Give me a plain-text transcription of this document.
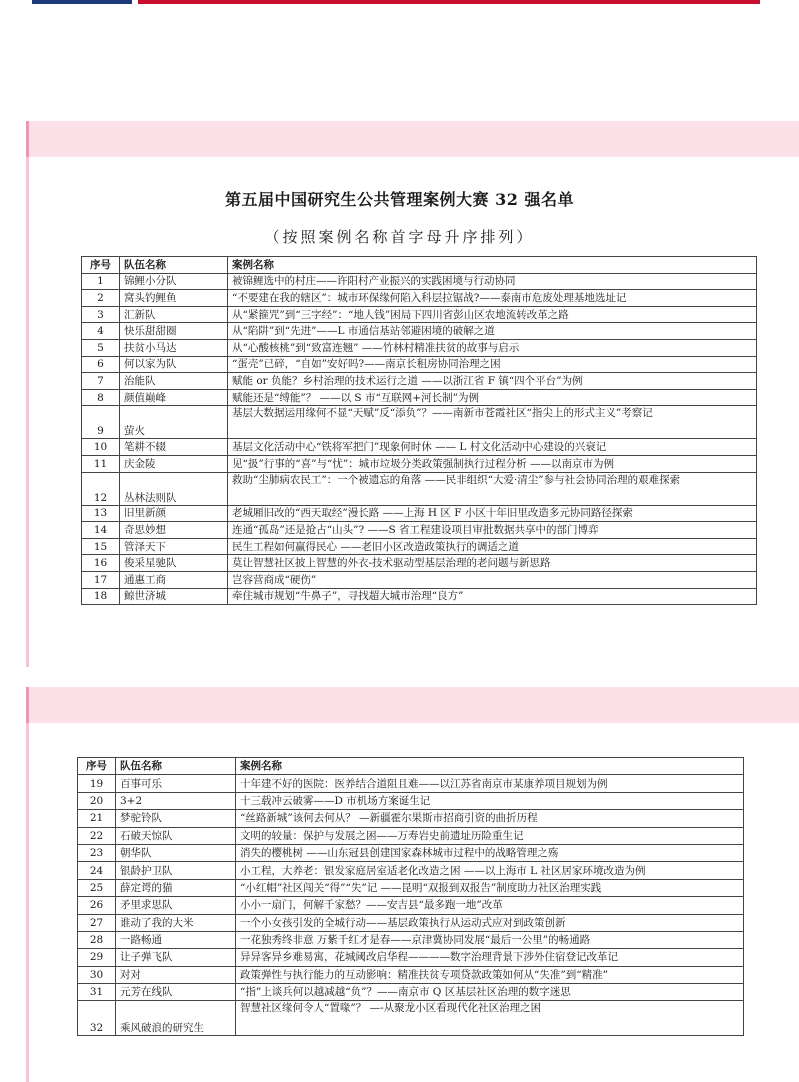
第五届中国研究生公共管理案例大赛 32 强名单
（按照案例名称首字母升序排列）
序号	队伍名称	案例名称
1	锦鲤小分队	被锦鲤选中的村庄——许阳村产业振兴的实践困境与行动协同
2	窝头钓鲤鱼	“不要建在我的辖区”：城市环保缘何陷入科层拉锯战?——泰南市危废处理基地选址记
3	汇新队	从“紧箍咒”到“三字经”：“地人钱”困局下四川省彭山区农地流转改革之路
4	快乐甜甜圈	从“陷阱”到“先进”——L 市通信基站邻避困境的破解之道
5	扶贫小马达	从“心酸核桃”到“致富连翘” ——竹林村精准扶贫的故事与启示
6	何以家为队	“蛋壳”已碎，“自如”安好吗?——南京长租房协同治理之困
7	治能队	赋能 or 负能？乡村治理的技术运行之道 ——以浙江省 F 镇“四个平台”为例
8	颜值巅峰	赋能还是“缚能”？ ——以 S 市“互联网+河长制”为例
9	萤火	基层大数据运用缘何不显“天赋”反“添负”？——南新市苍霞社区“指尖上的形式主义”考察记
10	笔耕不辍	基层文化活动中心“铁将军把门”现象何时休 —— L 村文化活动中心建设的兴衰记
11	庆金陵	见“扱”行事的“喜”与“忧”：城市垃圾分类政策强制执行过程分析 ——以南京市为例
12	丛林法则队	救助“尘肺病农民工”：一个被遗忘的角落 ——民非组织“大爱·清尘”参与社会协同治理的艰难探索
13	旧里新颜	老城厢旧改的“西天取经”漫长路 ——上海 H 区 F 小区十年旧里改造多元协同路径探索
14	奇思妙想	连通“孤岛”还是抢占“山头”? ——S 省工程建设项目审批数据共享中的部门博弈
15	管泽天下	民生工程如何赢得民心 ——老旧小区改造政策执行的调适之道
16	俊采星驰队	莫让智慧社区披上智慧的外衣-技术驱动型基层治理的老问题与新思路
17	通惠工商	岂容营商成“硬伤”
18	鲸世济城	牵住城市规划“牛鼻子”，寻找超大城市治理“良方”
序号	队伍名称	案例名称
19	百事可乐	十年建不好的医院：医养结合道阻且难——以江苏省南京市某康养项目规划为例
20	3+2	十三载冲云破雾——D 市机场方案诞生记
21	梦驼铃队	“丝路新城”该何去何从？ —新疆霍尔果斯市招商引资的曲折历程
22	石破天惊队	文明的较量：保护与发展之困——万寿岩史前遗址历险重生记
23	朝华队	消失的樱桃树 ——山东冠县创建国家森林城市过程中的战略管理之殇
24	银龄护卫队	小工程，大养老：银发家庭居室适老化改造之困 ——以上海市 L 社区居家环境改造为例
25	薛定谔的猫	“小红帽”社区闯关“得”“失”记 ——昆明“双报到双报告”制度助力社区治理实践
26	矛里求思队	小小一扇门，何解千家愁？——安吉县“最多跑一地”改革
27	谁动了我的大米	一个小女孩引发的全城行动——基层政策执行从运动式应对到政策创新
28	一路畅通	一花独秀终非意 万紫千红才是春——京津冀协同发展“最后一公里”的畅通路
29	让子弹飞队	异异客异乡难易寓，花城阈改启华程————数字治理背景下涉外住宿登记改革记
30	对对	政策弹性与执行能力的互动影响：精准扶贫专项贷款政策如何从“失准”到“精准”
31	元芳在线队	“指”上谈兵何以越减越“负”？——南京市 Q 区基层社区治理的数字迷思
32	乘风破浪的研究生	智慧社区缘何令人“置喙”？ —-从聚龙小区看现代化社区治理之困
